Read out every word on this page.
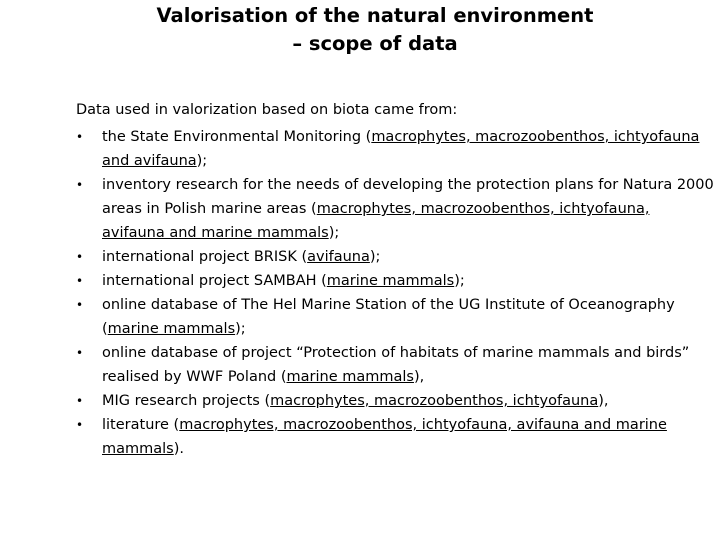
Valorisation of the natural environment
– scope of data

Data used in valorization based on biota came from:

•	the State Environmental Monitoring (macrophytes, macrozoobenthos, ichtyofauna and avifauna);
•	inventory research for the needs of developing the protection plans for Natura 2000 areas in Polish marine areas (macrophytes, macrozoobenthos, ichtyofauna, avifauna and marine mammals);
•	international project BRISK (avifauna);
•	international project SAMBAH (marine mammals);
•	online database of The Hel Marine Station of the UG Institute of Oceanography (marine mammals);
•	online database of project “Protection of habitats of marine mammals and birds” realised by WWF Poland (marine mammals),
•	MIG research projects (macrophytes, macrozoobenthos, ichtyofauna),
•	literature (macrophytes, macrozoobenthos, ichtyofauna, avifauna and marine mammals).
